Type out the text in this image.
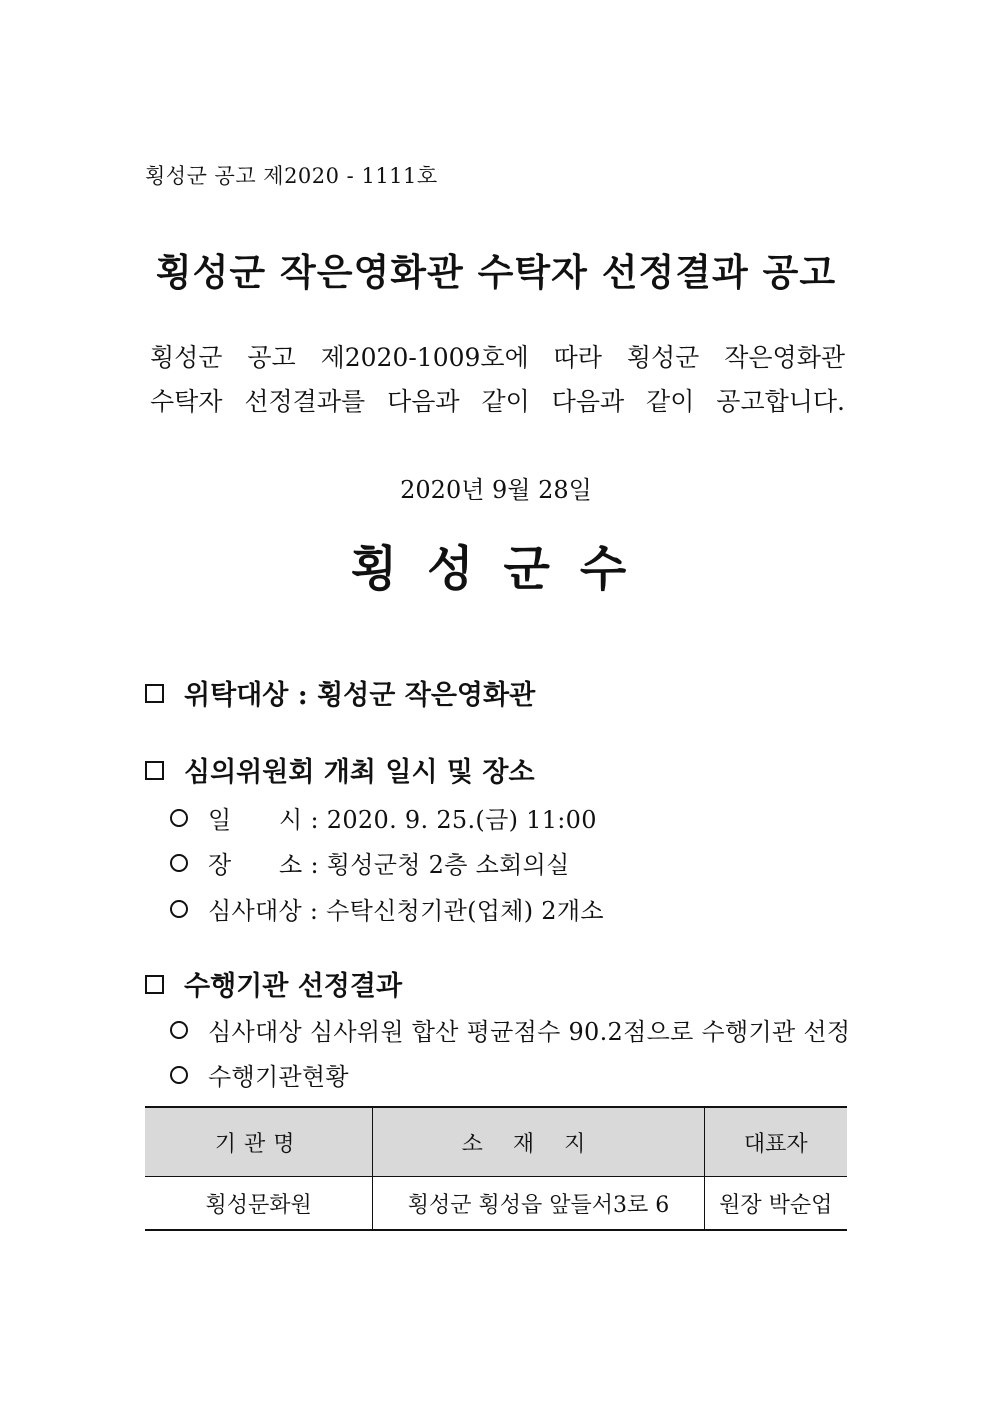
횡성군 공고 제2020 - 1111호
횡성군 작은영화관 수탁자 선정결과 공고
횡성군 공고 제2020-1009호에 따라 횡성군 작은영화관
수탁자 선정결과를 다음과 같이 다음과 같이 공고합니다.
2020년 9월 28일
횡성군수
위탁대상 : 횡성군 작은영화관
심의위원회 개최 일시 및 장소
일      시 : 2020. 9. 25.(금) 11:00
장      소 : 횡성군청 2층 소회의실
심사대상 : 수탁신청기관(업체) 2개소
수행기관 선정결과
심사대상 심사위원 합산 평균점수 90.2점으로 수행기관 선정
수행기관현황
기관명	소재지	대표자
횡성문화원	횡성군 횡성읍 앞들서3로 6	원장 박순업
